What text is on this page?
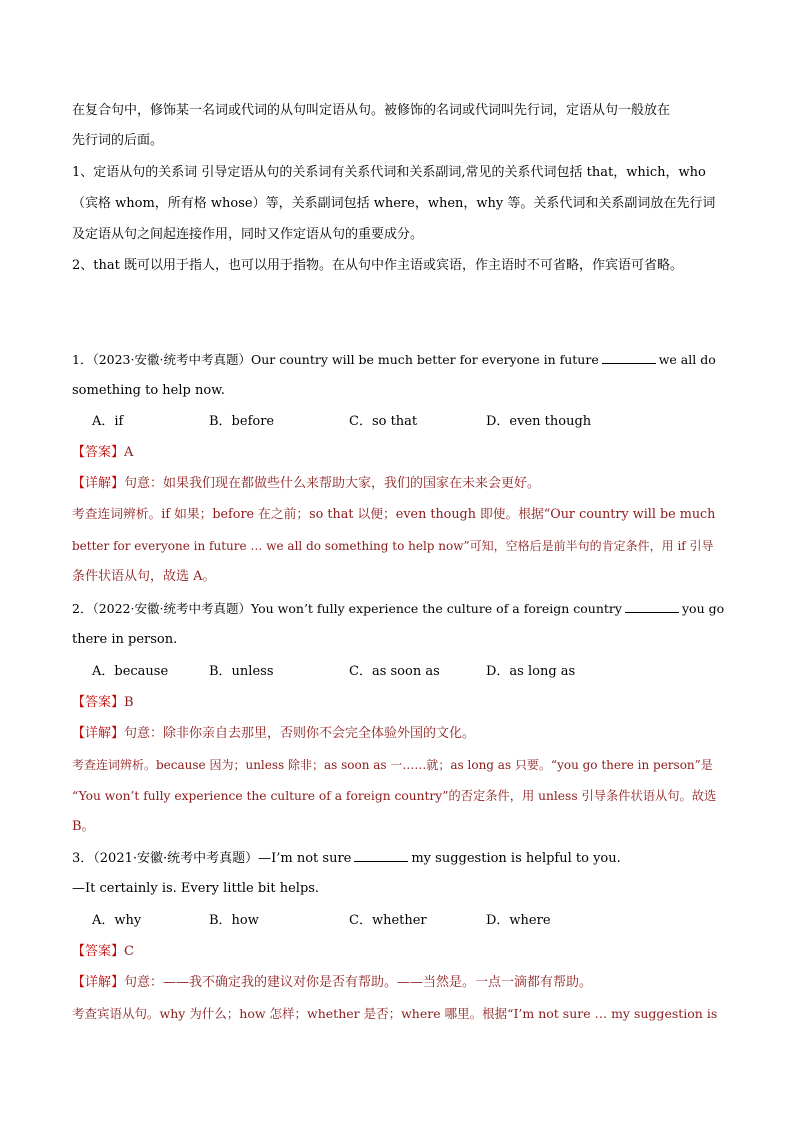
在复合句中，修饰某一名词或代词的从句叫定语从句。被修饰的名词或代词叫先行词，定语从句一般放在
先行词的后面。
1、定语从句的关系词 引导定语从句的关系词有关系代词和关系副词,常见的关系代词包括 that，which，who
（宾格 whom，所有格 whose）等，关系副词包括 where，when，why 等。关系代词和关系副词放在先行词
及定语从句之间起连接作用，同时又作定语从句的重要成分。
2、that 既可以用于指人，也可以用于指物。在从句中作主语或宾语，作主语时不可省略，作宾语可省略。
1．（2023·安徽·统考中考真题）Our country will be much better for everyone in future	we all do
something to help now.
A．if	B．before	C．so that	D．even though
【答案】A
【详解】句意：如果我们现在都做些什么来帮助大家，我们的国家在未来会更好。
考查连词辨析。if 如果；before 在之前；so that 以便；even though 即使。根据“Our country will be much
better for everyone in future … we all do something to help now”可知，空格后是前半句的肯定条件，用 if 引导
条件状语从句，故选 A。
2．（2022·安徽·统考中考真题）You won’t fully experience the culture of a foreign country	you go
there in person.
A．because	B．unless	C．as soon as	D．as long as
【答案】B
【详解】句意：除非你亲自去那里，否则你不会完全体验外国的文化。
考查连词辨析。because 因为；unless 除非；as soon as 一……就；as long as 只要。“you go there in person”是
“You won’t fully experience the culture of a foreign country”的否定条件，用 unless 引导条件状语从句。故选
B。
3．（2021·安徽·统考中考真题）—I’m not sure	my suggestion is helpful to you.
—It certainly is. Every little bit helps.
A．why	B．how	C．whether	D．where
【答案】C
【详解】句意：——我不确定我的建议对你是否有帮助。——当然是。一点一滴都有帮助。
考查宾语从句。why 为什么；how 怎样；whether 是否；where 哪里。根据“I’m not sure … my suggestion is
